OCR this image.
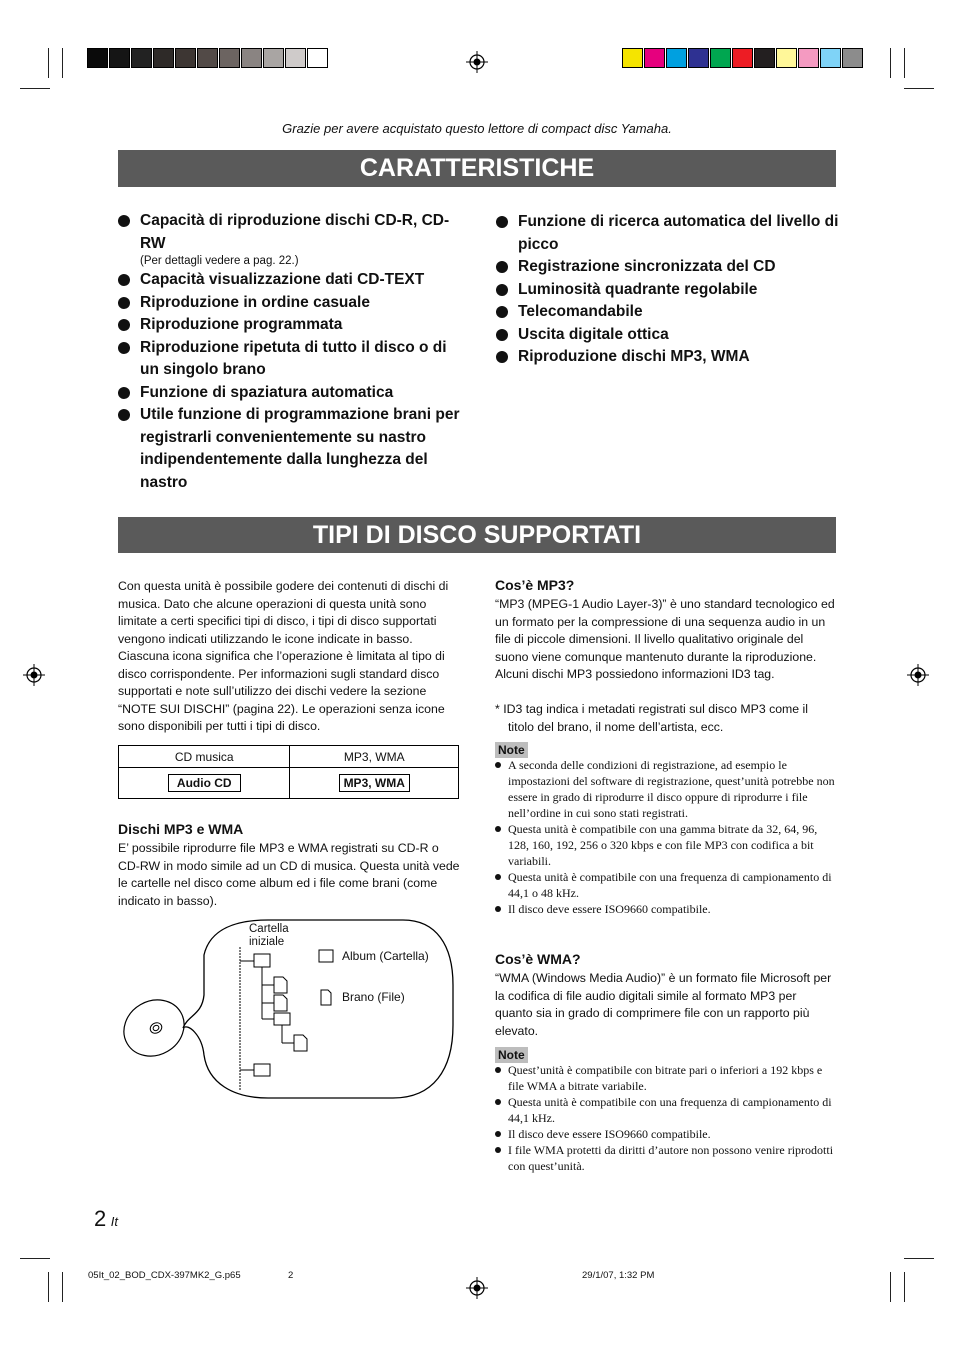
Grazie per avere acquistato questo lettore di compact disc Yamaha.
CARATTERISTICHE
Capacità di riproduzione dischi CD-R, CD-RW
(Per dettagli vedere a pag. 22.)
Capacità visualizzazione dati CD-TEXT
Riproduzione in ordine casuale
Riproduzione programmata
Riproduzione ripetuta di tutto il disco o di un singolo brano
Funzione di spaziatura automatica
Utile funzione di programmazione brani per registrarli convenientemente su nastro indipendentemente dalla lunghezza del nastro
Funzione di ricerca automatica del livello di picco
Registrazione sincronizzata del CD
Luminosità quadrante regolabile
Telecomandabile
Uscita digitale ottica
Riproduzione dischi MP3, WMA
TIPI DI DISCO SUPPORTATI
Con questa unità è possibile godere dei contenuti di dischi di musica. Dato che alcune operazioni di questa unità sono limitate a certi specifici tipi di disco, i tipi di disco supportati vengono indicati utilizzando le icone indicate in basso. Ciascuna icona significa che l’operazione è limitata al tipo di disco corrispondente. Per informazioni sugli standard disco supportati e note sull’utilizzo dei dischi vedere la sezione “NOTE SUI DISCHI” (pagina 22). Le operazioni senza icone sono disponibili per tutti i tipi di disco.
CD musica	MP3, WMA
Audio CD	MP3, WMA
Dischi MP3 e WMA
E’ possibile riprodurre file MP3 e WMA registrati su CD-R o CD-RW in modo simile ad un CD di musica. Questa unità vede le cartelle nel disco come album ed i file come brani (come indicato in basso).
Cartella iniziale
Album (Cartella)
Brano (File)
Cos’è MP3?
“MP3 (MPEG-1 Audio Layer-3)” è uno standard tecnologico ed un formato per la compressione di una sequenza audio in un file di piccole dimensioni. Il livello qualitativo originale del suono viene comunque mantenuto durante la riproduzione. Alcuni dischi MP3 possiedono informazioni ID3 tag.
* ID3 tag indica i metadati registrati sul disco MP3 come il titolo del brano, il nome dell’artista, ecc.
Note
A seconda delle condizioni di registrazione, ad esempio le impostazioni del software di registrazione, quest’unità potrebbe non essere in grado di riprodurre il disco oppure di riprodurre i file nell’ordine in cui sono stati registrati.
Questa unità è compatibile con una gamma bitrate da 32, 64, 96, 128, 160, 192, 256 o 320 kbps e con file MP3 con codifica a bit variabili.
Questa unità è compatibile con una frequenza di campionamento di 44,1 o 48 kHz.
Il disco deve essere ISO9660 compatibile.
Cos’è WMA?
“WMA (Windows Media Audio)” è un formato file Microsoft per la codifica di file audio digitali simile al formato MP3 per quanto sia in grado di comprimere file con un rapporto più elevato.
Note
Quest’unità è compatibile con bitrate pari o inferiori a 192 kbps e file WMA a bitrate variabile.
Questa unità è compatibile con una frequenza di campionamento di 44,1 kHz.
Il disco deve essere ISO9660 compatibile.
I file WMA protetti da diritti d’autore non possono venire riprodotti con quest’unità.
2 It
05It_02_BOD_CDX-397MK2_G.p65	2	29/1/07, 1:32 PM
